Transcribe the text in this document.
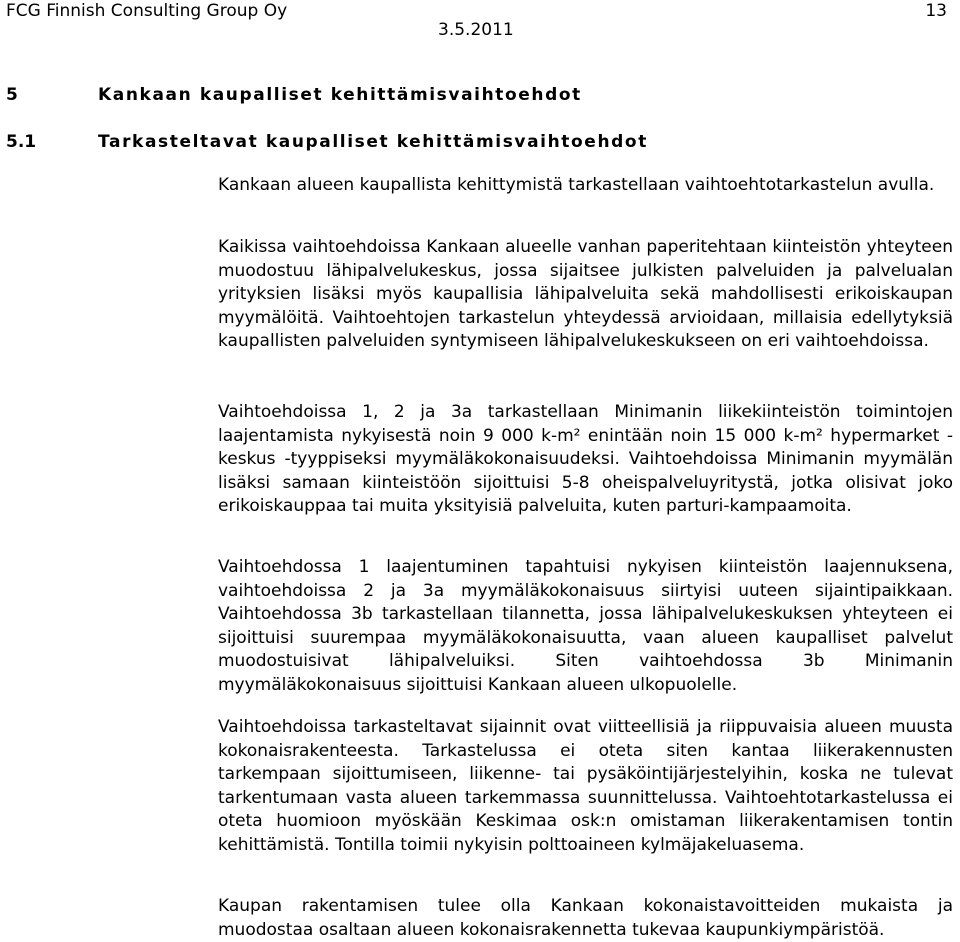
FCG Finnish Consulting Group Oy	13
3.5.2011
5	Kankaan kaupalliset kehittämisvaihtoehdot
5.1	Tarkasteltavat kaupalliset kehittämisvaihtoehdot

Kankaan alueen kaupallista kehittymistä tarkastellaan vaihtoehtotarkastelun avulla.

Kaikissa vaihtoehdoissa Kankaan alueelle vanhan paperitehtaan kiinteistön yhteyteen muodostuu lähipalvelukeskus, jossa sijaitsee julkisten palveluiden ja palvelualan yrityksien lisäksi myös kaupallisia lähipalveluita sekä mahdollisesti erikoiskaupan myymälöitä. Vaihtoehtojen tarkastelun yhteydessä arvioidaan, millaisia edellytyksiä kaupallisten palveluiden syntymiseen lähipalvelukeskukseen on eri vaihtoehdoissa.

Vaihtoehdoissa 1, 2 ja 3a tarkastellaan Minimanin liikekiinteistön toimintojen laajentamista nykyisestä noin 9 000 k-m² enintään noin 15 000 k-m² hypermarket -keskus -tyyppiseksi myymäläkokonaisuudeksi. Vaihtoehdoissa Minimanin myymälän lisäksi samaan kiinteistöön sijoittuisi 5-8 oheispalveluyritystä, jotka olisivat joko erikoiskauppaa tai muita yksityisiä palveluita, kuten parturi-kampaamoita.

Vaihtoehdossa 1 laajentuminen tapahtuisi nykyisen kiinteistön laajennuksena, vaihtoehdoissa 2 ja 3a myymäläkokonaisuus siirtyisi uuteen sijaintipaikkaan. Vaihtoehdossa 3b tarkastellaan tilannetta, jossa lähipalvelukeskuksen yhteyteen ei sijoittuisi suurempaa myymäläkokonaisuutta, vaan alueen kaupalliset palvelut muodostuisivat lähipalveluiksi. Siten vaihtoehdossa 3b Minimanin myymäläkokonaisuus sijoittuisi Kankaan alueen ulkopuolelle.

Vaihtoehdoissa tarkasteltavat sijainnit ovat viitteellisiä ja riippuvaisia alueen muusta kokonaisrakenteesta. Tarkastelussa ei oteta siten kantaa liikerakennusten tarkempaan sijoittumiseen, liikenne- tai pysäköintijärjestelyihin, koska ne tulevat tarkentumaan vasta alueen tarkemmassa suunnittelussa. Vaihtoehtotarkastelussa ei oteta huomioon myöskään Keskimaa osk:n omistaman liikerakentamisen tontin kehittämistä. Tontilla toimii nykyisin polttoaineen kylmäjakeluasema.

Kaupan rakentamisen tulee olla Kankaan kokonaistavoitteiden mukaista ja muodostaa osaltaan alueen kokonaisrakennetta tukevaa kaupunkiympäristöä.
